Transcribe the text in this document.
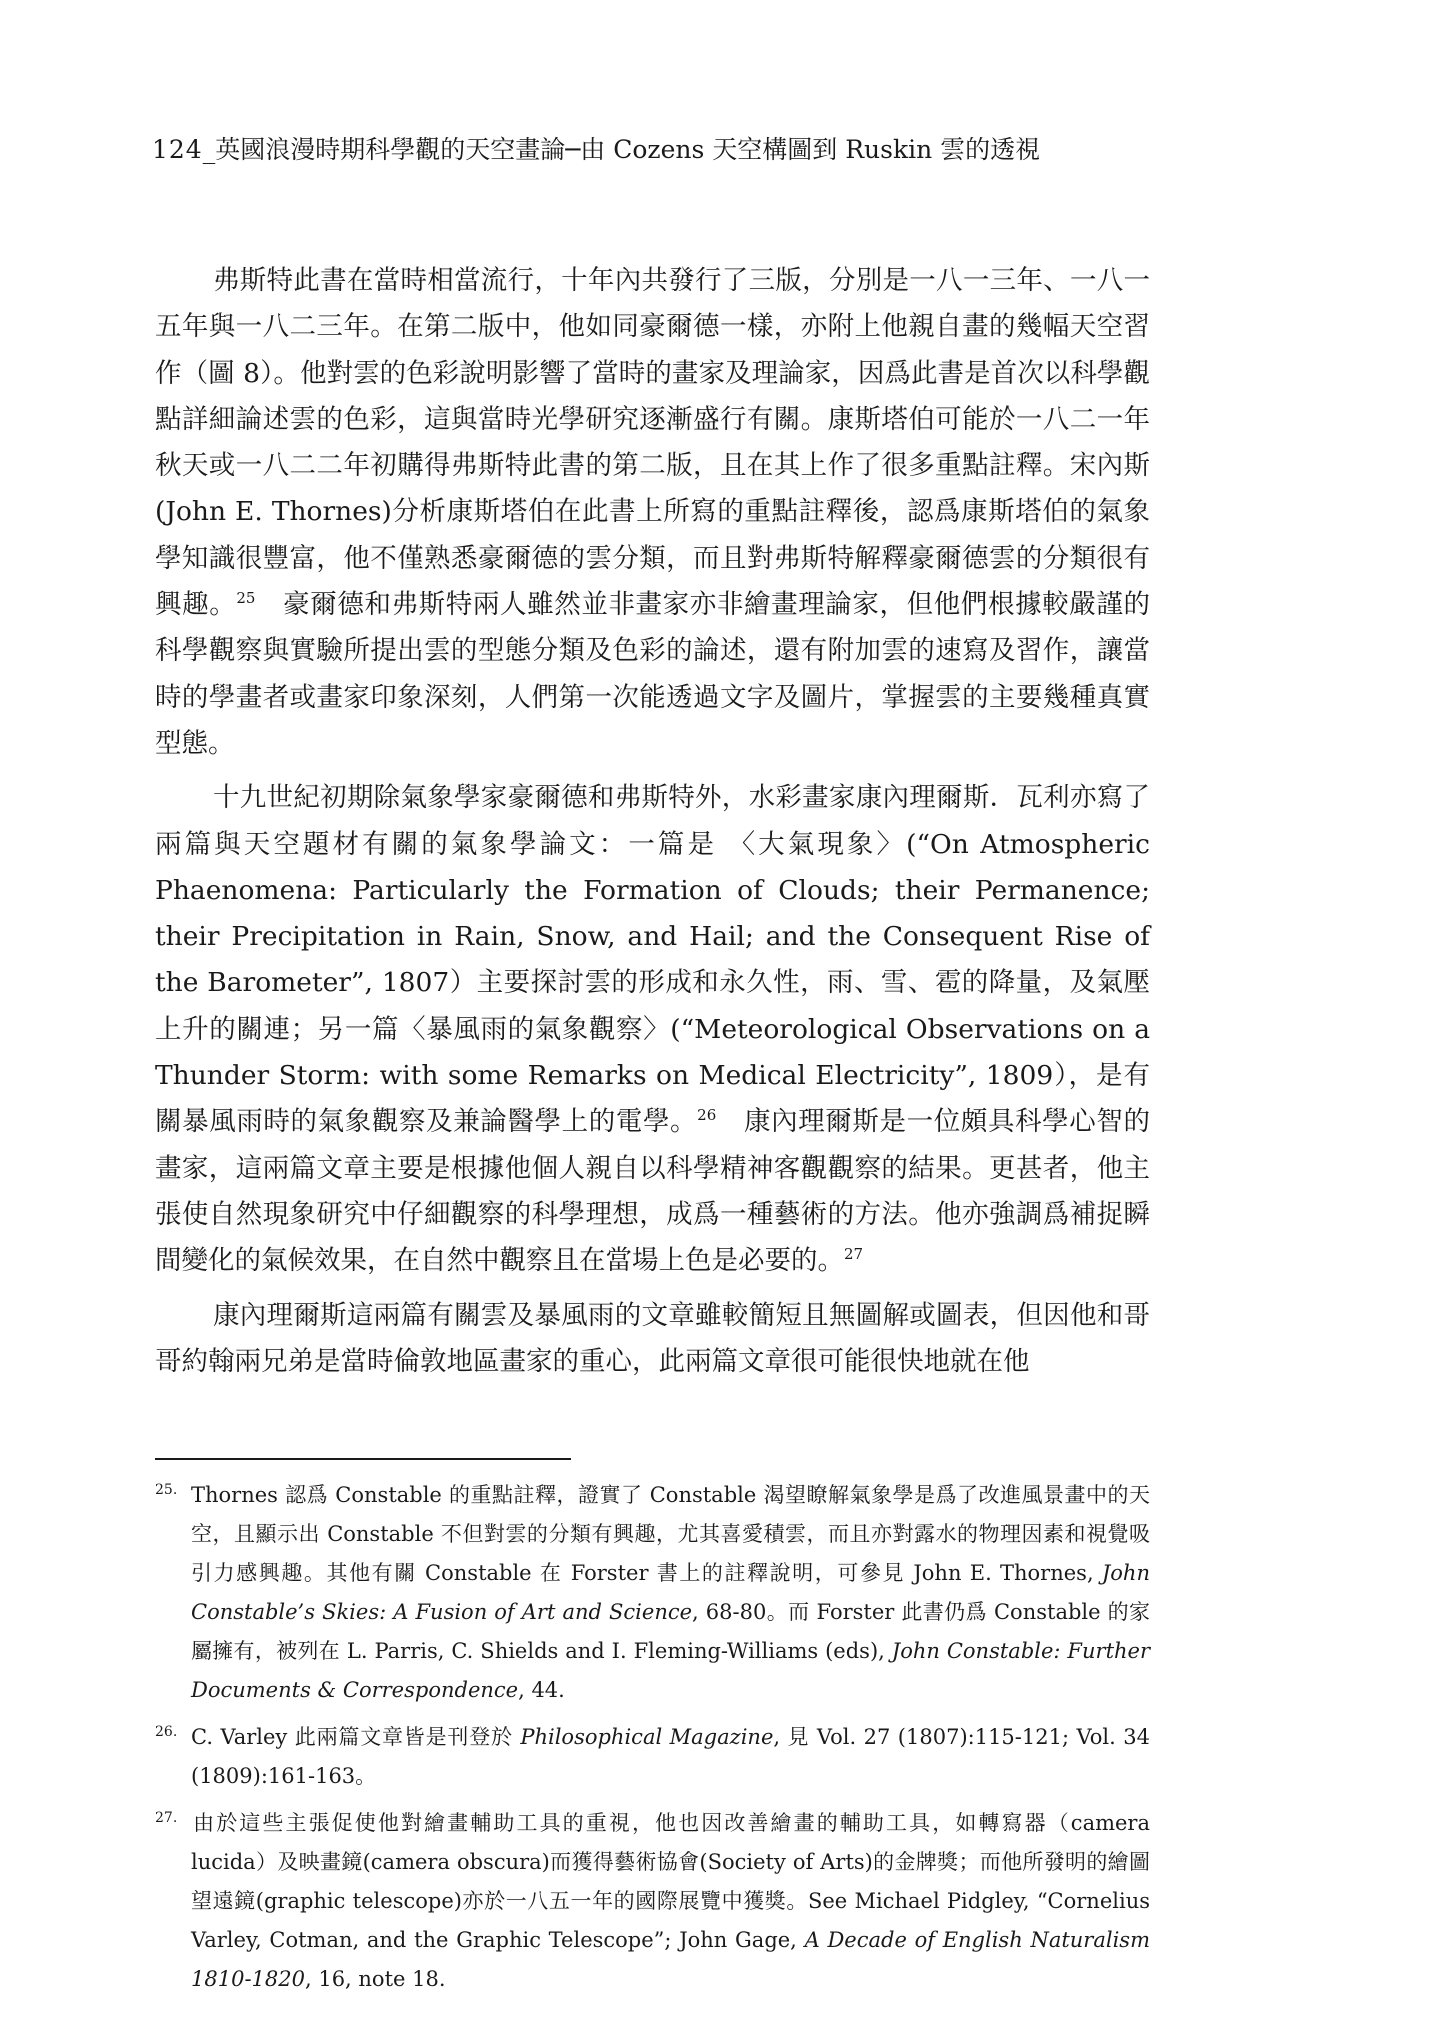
124_英國浪漫時期科學觀的天空畫論─由 Cozens 天空構圖到 Ruskin 雲的透視

弗斯特此書在當時相當流行，十年內共發行了三版，分別是一八一三年、一八一五年與一八二三年。在第二版中，他如同豪爾德一樣，亦附上他親自畫的幾幅天空習作（圖 8）。他對雲的色彩說明影響了當時的畫家及理論家，因爲此書是首次以科學觀點詳細論述雲的色彩，這與當時光學研究逐漸盛行有關。康斯塔伯可能於一八二一年秋天或一八二二年初購得弗斯特此書的第二版，且在其上作了很多重點註釋。宋內斯(John E. Thornes)分析康斯塔伯在此書上所寫的重點註釋後，認爲康斯塔伯的氣象學知識很豐富，他不僅熟悉豪爾德的雲分類，而且對弗斯特解釋豪爾德雲的分類很有興趣。$^{25}$　豪爾德和弗斯特兩人雖然並非畫家亦非繪畫理論家，但他們根據較嚴謹的科學觀察與實驗所提出雲的型態分類及色彩的論述，還有附加雲的速寫及習作，讓當時的學畫者或畫家印象深刻，人們第一次能透過文字及圖片，掌握雲的主要幾種真實型態。

十九世紀初期除氣象學家豪爾德和弗斯特外，水彩畫家康內理爾斯．瓦利亦寫了兩篇與天空題材有關的氣象學論文：一篇是 〈大氣現象〉(“On Atmospheric Phaenomena: Particularly the Formation of Clouds; their Permanence; their Precipitation in Rain, Snow, and Hail; and the Consequent Rise of the Barometer”, 1807）主要探討雲的形成和永久性，雨、雪、雹的降量，及氣壓上升的關連；另一篇〈暴風雨的氣象觀察〉(“Meteorological Observations on a Thunder Storm: with some Remarks on Medical Electricity”, 1809），是有關暴風雨時的氣象觀察及兼論醫學上的電學。$^{26}$　康內理爾斯是一位頗具科學心智的畫家，這兩篇文章主要是根據他個人親自以科學精神客觀觀察的結果。更甚者，他主張使自然現象研究中仔細觀察的科學理想，成爲一種藝術的方法。他亦強調爲補捉瞬間變化的氣候效果，在自然中觀察且在當場上色是必要的。$^{27}$

康內理爾斯這兩篇有關雲及暴風雨的文章雖較簡短且無圖解或圖表，但因他和哥哥約翰兩兄弟是當時倫敦地區畫家的重心，此兩篇文章很可能很快地就在他

25. Thornes 認爲 Constable 的重點註釋，證實了 Constable 渴望瞭解氣象學是爲了改進風景畫中的天空，且顯示出 Constable 不但對雲的分類有興趣，尤其喜愛積雲，而且亦對露水的物理因素和視覺吸引力感興趣。其他有關 Constable 在 Forster 書上的註釋說明，可參見 John E. Thornes, John Constable’s Skies: A Fusion of Art and Science, 68-80。而 Forster 此書仍爲 Constable 的家屬擁有，被列在 L. Parris, C. Shields and I. Fleming-Williams (eds), John Constable: Further Documents & Correspondence, 44.

26. C. Varley 此兩篇文章皆是刊登於 Philosophical Magazine, 見 Vol. 27 (1807):115-121; Vol. 34 (1809):161-163。

27. 由於這些主張促使他對繪畫輔助工具的重視，他也因改善繪畫的輔助工具，如轉寫器（camera lucida）及映畫鏡(camera obscura)而獲得藝術協會(Society of Arts)的金牌獎；而他所發明的繪圖望遠鏡(graphic telescope)亦於一八五一年的國際展覽中獲獎。See Michael Pidgley, “Cornelius Varley, Cotman, and the Graphic Telescope”; John Gage, A Decade of English Naturalism 1810-1820, 16, note 18.
